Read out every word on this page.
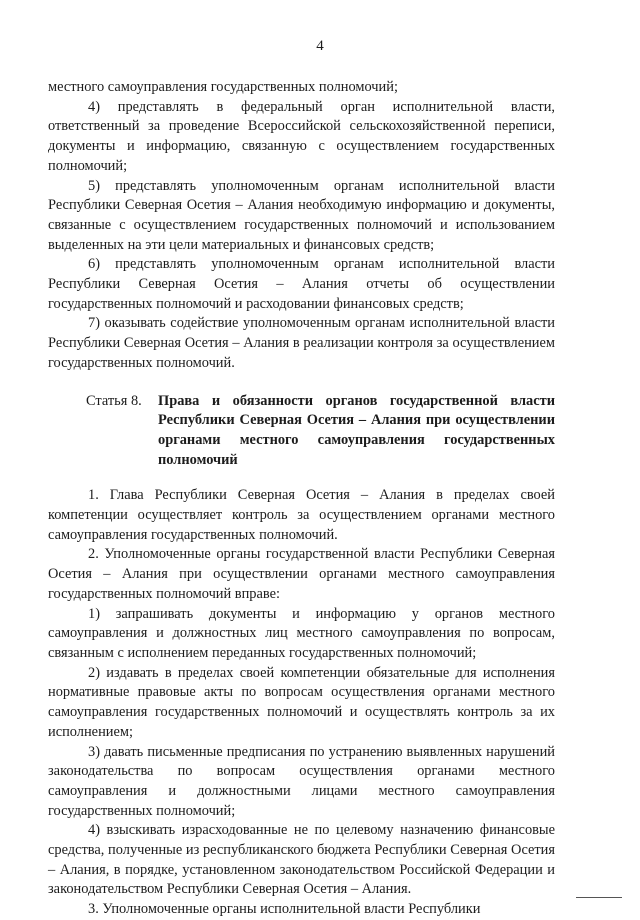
4

местного самоуправления государственных полномочий;

4) представлять в федеральный орган исполнительной власти, ответственный за проведение Всероссийской сельскохозяйственной переписи, документы и информацию, связанную с осуществлением государственных полномочий;

5) представлять уполномоченным органам исполнительной власти Республики Северная Осетия – Алания необходимую информацию и документы, связанные с осуществлением государственных полномочий и использованием выделенных на эти цели материальных и финансовых средств;

6) представлять уполномоченным органам исполнительной власти Республики Северная Осетия – Алания отчеты об осуществлении государственных полномочий и расходовании финансовых средств;

7) оказывать содействие уполномоченным органам исполнительной власти Республики Северная Осетия – Алания в реализации контроля за осуществлением государственных полномочий.

Статья 8.	Права и обязанности органов государственной власти Республики Северная Осетия – Алания при осуществлении органами местного самоуправления государственных полномочий

1. Глава Республики Северная Осетия – Алания в пределах своей компетенции осуществляет контроль за осуществлением органами местного самоуправления государственных полномочий.

2. Уполномоченные органы государственной власти Республики Северная Осетия – Алания при осуществлении органами местного самоуправления государственных полномочий вправе:

1) запрашивать документы и информацию у органов местного самоуправления и должностных лиц местного самоуправления по вопросам, связанным с исполнением переданных государственных полномочий;

2) издавать в пределах своей компетенции обязательные для исполнения нормативные правовые акты по вопросам осуществления органами местного самоуправления государственных полномочий и осуществлять контроль за их исполнением;

3) давать письменные предписания по устранению выявленных нарушений законодательства по вопросам осуществления органами местного самоуправления и должностными лицами местного самоуправления государственных полномочий;

4) взыскивать израсходованные не по целевому назначению финансовые средства, полученные из республиканского бюджета Республики Северная Осетия – Алания, в порядке, установленном законодательством Российской Федерации и законодательством Республики Северная Осетия – Алания.

3. Уполномоченные органы исполнительной власти Республики
